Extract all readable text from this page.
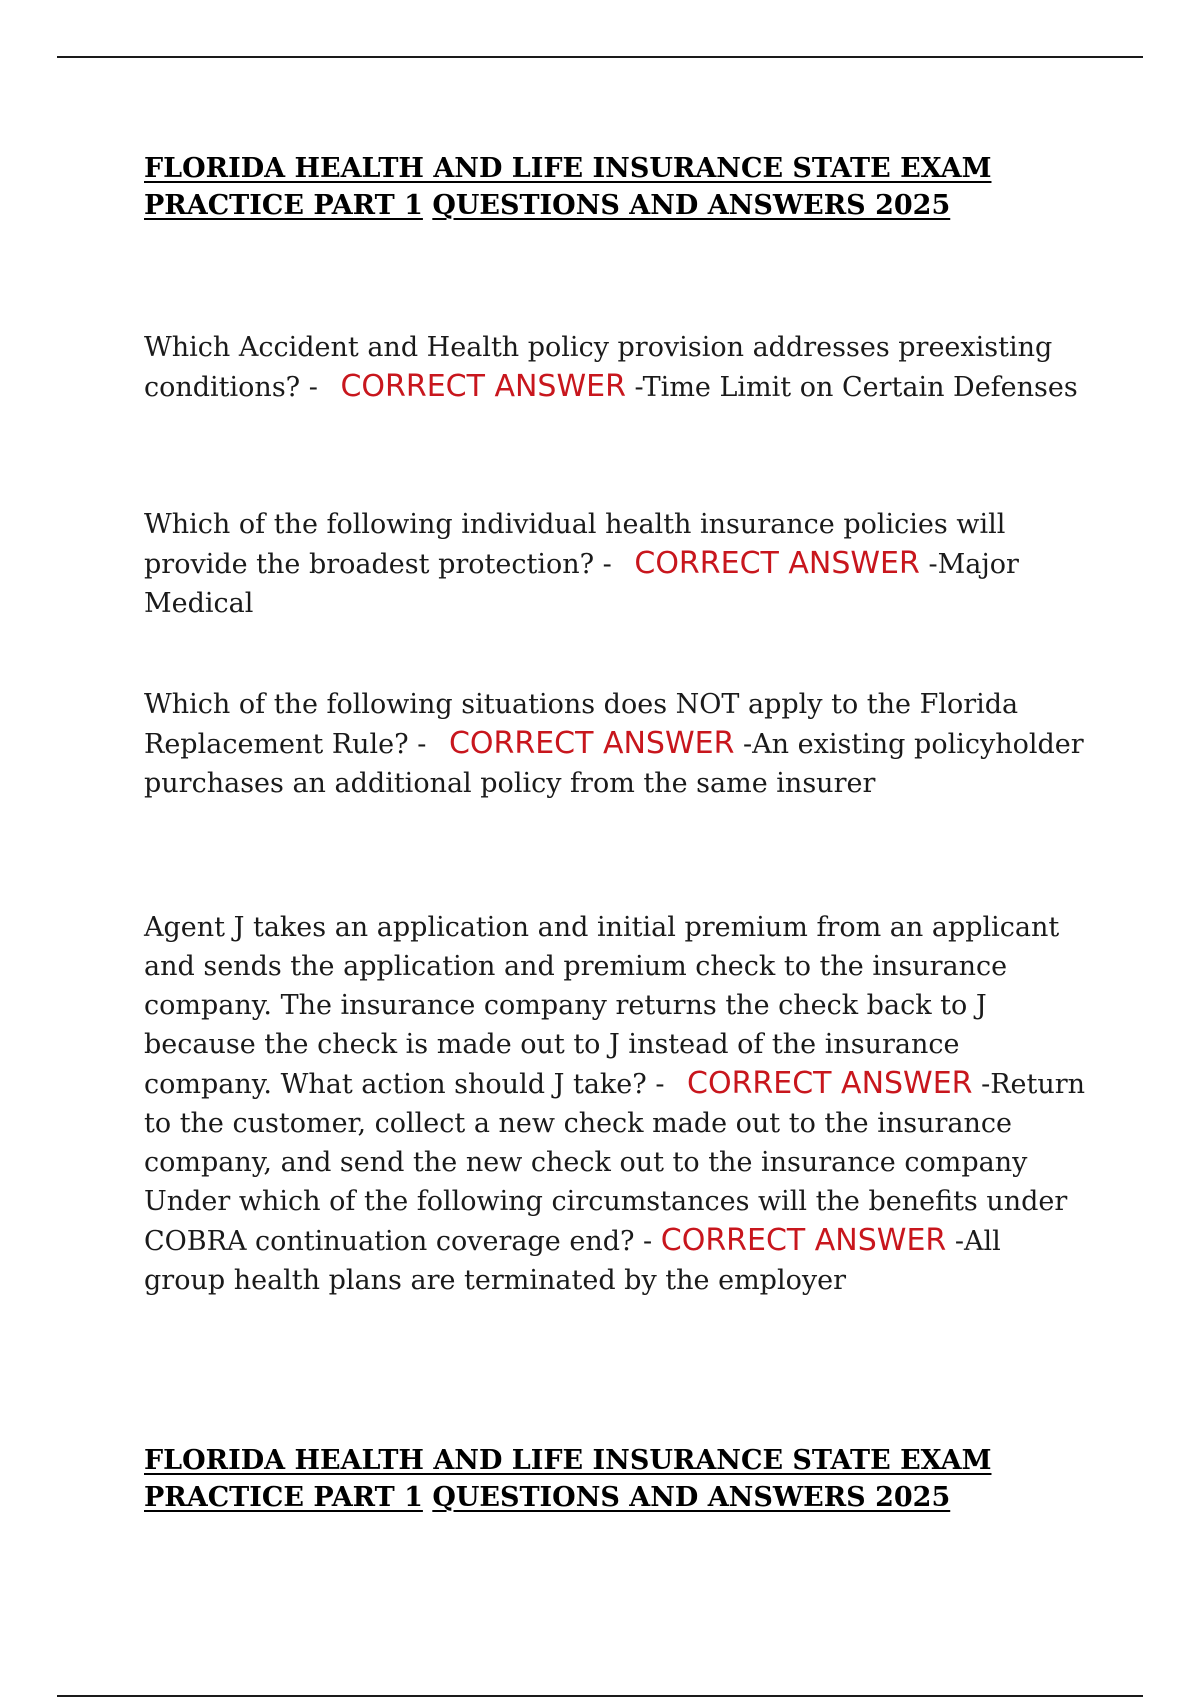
FLORIDA HEALTH AND LIFE INSURANCE STATE EXAM
PRACTICE PART 1 QUESTIONS AND ANSWERS 2025

Which Accident and Health policy provision addresses preexisting conditions? - CORRECT ANSWER -Time Limit on Certain Defenses

Which of the following individual health insurance policies will provide the broadest protection? - CORRECT ANSWER -Major Medical

Which of the following situations does NOT apply to the Florida Replacement Rule? - CORRECT ANSWER -An existing policyholder purchases an additional policy from the same insurer

Agent J takes an application and initial premium from an applicant and sends the application and premium check to the insurance company. The insurance company returns the check back to J because the check is made out to J instead of the insurance company. What action should J take? - CORRECT ANSWER -Return to the customer, collect a new check made out to the insurance company, and send the new check out to the insurance company Under which of the following circumstances will the benefits under COBRA continuation coverage end? - CORRECT ANSWER -All group health plans are terminated by the employer

FLORIDA HEALTH AND LIFE INSURANCE STATE EXAM
PRACTICE PART 1 QUESTIONS AND ANSWERS 2025
